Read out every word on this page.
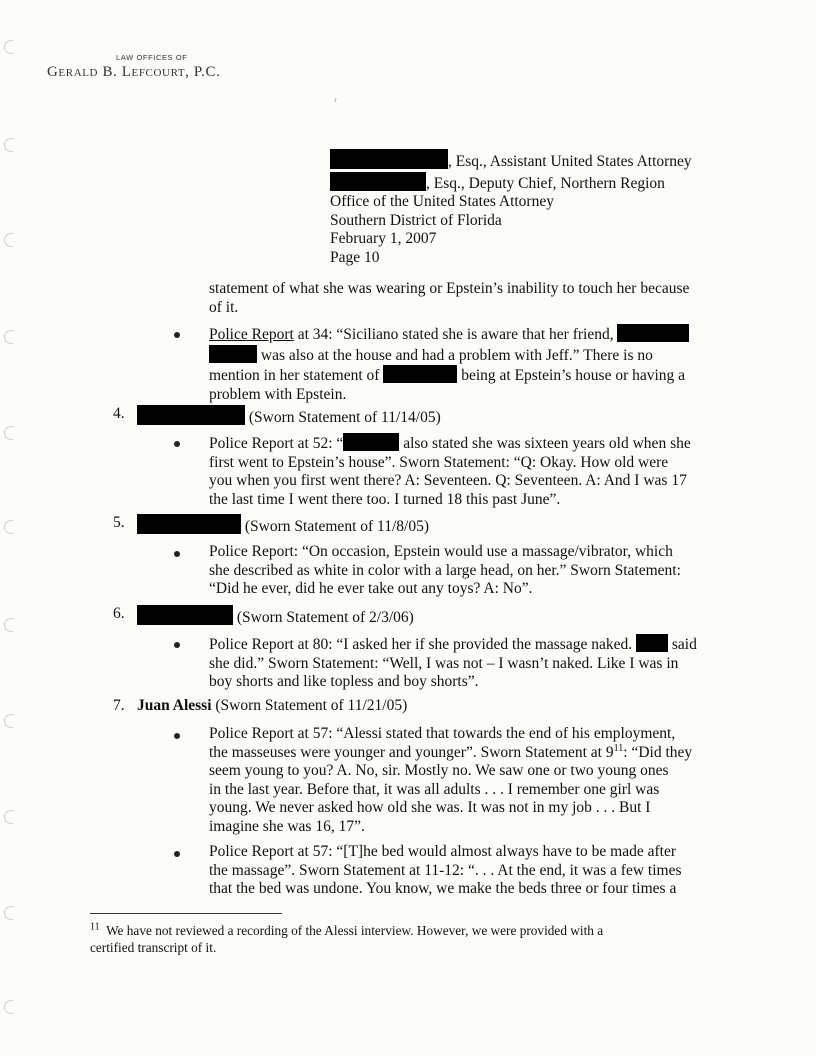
LAW OFFICES OF
Gerald B. Lefcourt, P.C.
, Esq., Assistant United States Attorney
, Esq., Deputy Chief, Northern Region
Office of the United States Attorney
Southern District of Florida
February 1, 2007
Page 10
statement of what she was wearing or Epstein’s inability to touch her because
of it.
Police Report at 34: “Siciliano stated she is aware that her friend,
was also at the house and had a problem with Jeff.” There is no
mention in her statement of	being at Epstein’s house or having a
problem with Epstein.
4.	(Sworn Statement of 11/14/05)
Police Report at 52: “	also stated she was sixteen years old when she
first went to Epstein’s house”. Sworn Statement: “Q: Okay. How old were
you when you first went there? A: Seventeen. Q: Seventeen. A: And I was 17
the last time I went there too. I turned 18 this past June”.
5.	(Sworn Statement of 11/8/05)
Police Report: “On occasion, Epstein would use a massage/vibrator, which
she described as white in color with a large head, on her.” Sworn Statement:
“Did he ever, did he ever take out any toys? A: No”.
6.	(Sworn Statement of 2/3/06)
Police Report at 80: “I asked her if she provided the massage naked.	said
she did.” Sworn Statement: “Well, I was not – I wasn’t naked. Like I was in
boy shorts and like topless and boy shorts”.
7. Juan Alessi (Sworn Statement of 11/21/05)
Police Report at 57: “Alessi stated that towards the end of his employment,
the masseuses were younger and younger”. Sworn Statement at $9^{11}$: “Did they
seem young to you? A. No, sir. Mostly no. We saw one or two young ones
in the last year. Before that, it was all adults . . . I remember one girl was
young. We never asked how old she was. It was not in my job . . . But I
imagine she was 16, 17”.
Police Report at 57: “[T]he bed would almost always have to be made after
the massage”. Sworn Statement at 11-12: “. . . At the end, it was a few times
that the bed was undone. You know, we make the beds three or four times a
$^{11}$ We have not reviewed a recording of the Alessi interview. However, we were provided with a
certified transcript of it.
